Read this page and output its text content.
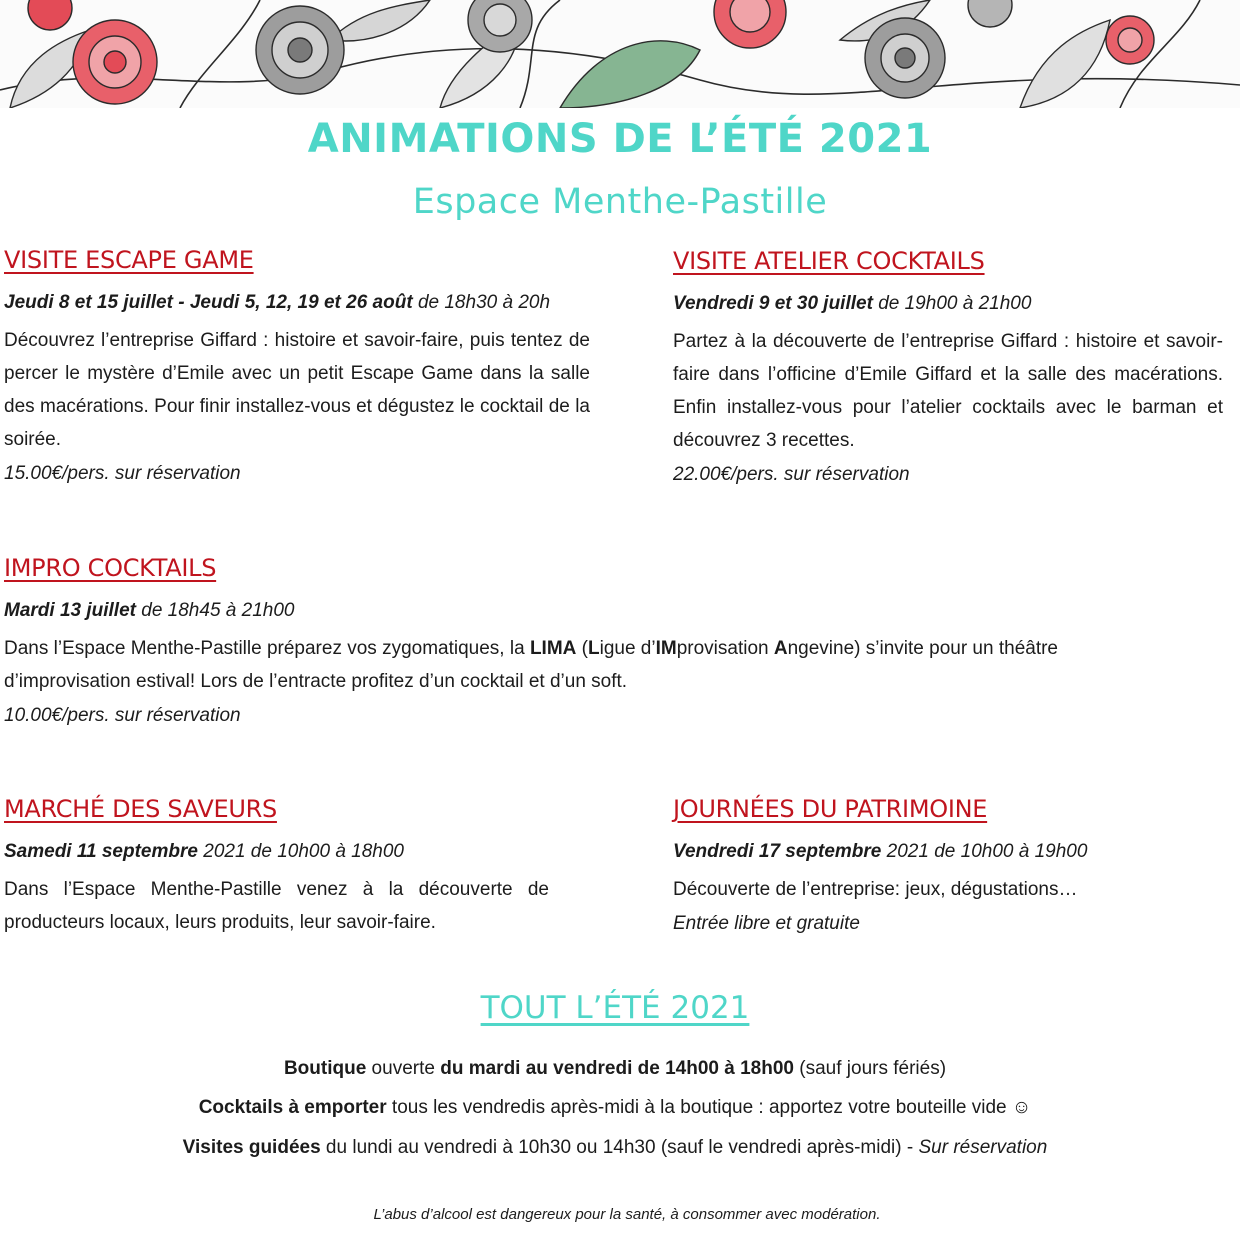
ANIMATIONS DE L’ÉTÉ 2021
Espace Menthe-Pastille
VISITE ESCAPE GAME

Jeudi 8 et 15 juillet - Jeudi 5, 12, 19 et 26 août de 18h30 à 20h

Découvrez l’entreprise Giffard : histoire et savoir-faire, puis tentez de percer le mystère d’Emile avec un petit Escape Game dans la salle des macérations. Pour finir installez-vous et dégustez le cocktail de la soirée.

15.00€/pers. sur réservation

VISITE ATELIER COCKTAILS

Vendredi 9 et 30 juillet de 19h00 à 21h00

Partez à la découverte de l’entreprise Giffard : histoire et savoir-faire dans l’officine d’Emile Giffard et la salle des macérations. Enfin installez-vous pour l’atelier cocktails avec le barman et découvrez 3 recettes.

22.00€/pers. sur réservation

IMPRO COCKTAILS

Mardi 13 juillet de 18h45 à 21h00

Dans l’Espace Menthe-Pastille préparez vos zygomatiques, la LIMA (Ligue d’IMprovisation Angevine) s’invite pour un théâtre d’improvisation estival! Lors de l’entracte profitez d’un cocktail et d’un soft.

10.00€/pers. sur réservation

MARCHÉ DES SAVEURS

Samedi 11 septembre 2021 de 10h00 à 18h00

Dans l’Espace Menthe-Pastille venez à la découverte de producteurs locaux, leurs produits, leur savoir-faire.

JOURNÉES DU PATRIMOINE

Vendredi 17 septembre 2021 de 10h00 à 19h00

Découverte de l’entreprise: jeux, dégustations…

Entrée libre et gratuite

TOUT L’ÉTÉ 2021

Boutique ouverte du mardi au vendredi de 14h00 à 18h00 (sauf jours fériés)

Cocktails à emporter tous les vendredis après-midi à la boutique : apportez votre bouteille vide ☺

Visites guidées du lundi au vendredi à 10h30 ou 14h30 (sauf le vendredi après-midi) - Sur réservation

L’abus d’alcool est dangereux pour la santé, à consommer avec modération.
